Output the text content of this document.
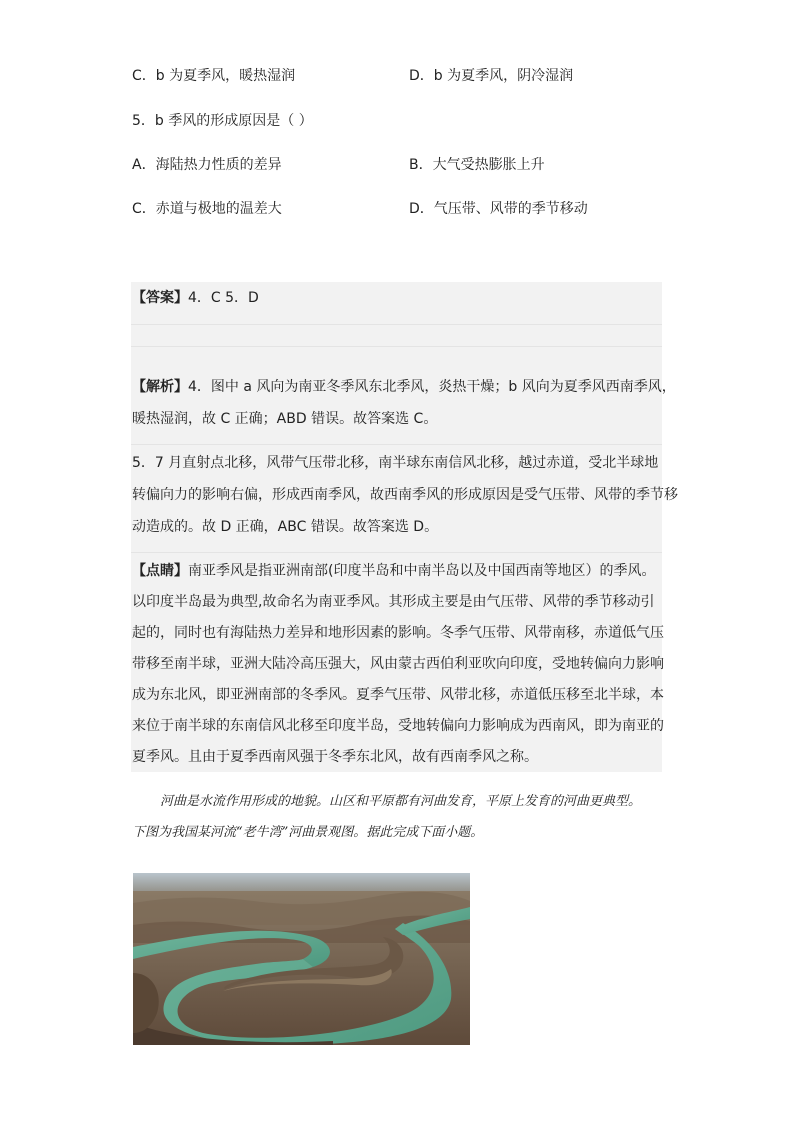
C．b 为夏季风，暖热湿润	D．b 为夏季风，阴冷湿润
5．b 季风的形成原因是（ ）
A．海陆热力性质的差异	B．大气受热膨胀上升
C．赤道与极地的温差大	D．气压带、风带的季节移动
【答案】4．C 5．D
【解析】4．图中 a 风向为南亚冬季风东北季风，炎热干燥；b 风向为夏季风西南季风，
暖热湿润，故 C 正确；ABD 错误。故答案选 C。
5．7 月直射点北移，风带气压带北移，南半球东南信风北移，越过赤道，受北半球地
转偏向力的影响右偏，形成西南季风，故西南季风的形成原因是受气压带、风带的季节移
动造成的。故 D 正确，ABC 错误。故答案选 D。
【点睛】南亚季风是指亚洲南部(印度半岛和中南半岛以及中国西南等地区）的季风。
以印度半岛最为典型,故命名为南亚季风。其形成主要是由气压带、风带的季节移动引
起的，同时也有海陆热力差异和地形因素的影响。冬季气压带、风带南移，赤道低气压
带移至南半球，亚洲大陆冷高压强大，风由蒙古西伯利亚吹向印度，受地转偏向力影响
成为东北风，即亚洲南部的冬季风。夏季气压带、风带北移，赤道低压移至北半球，本
来位于南半球的东南信风北移至印度半岛，受地转偏向力影响成为西南风，即为南亚的
夏季风。且由于夏季西南风强于冬季东北风，故有西南季风之称。
河曲是水流作用形成的地貌。山区和平原都有河曲发育，平原上发育的河曲更典型。
下图为我国某河流“老牛湾”河曲景观图。据此完成下面小题。
